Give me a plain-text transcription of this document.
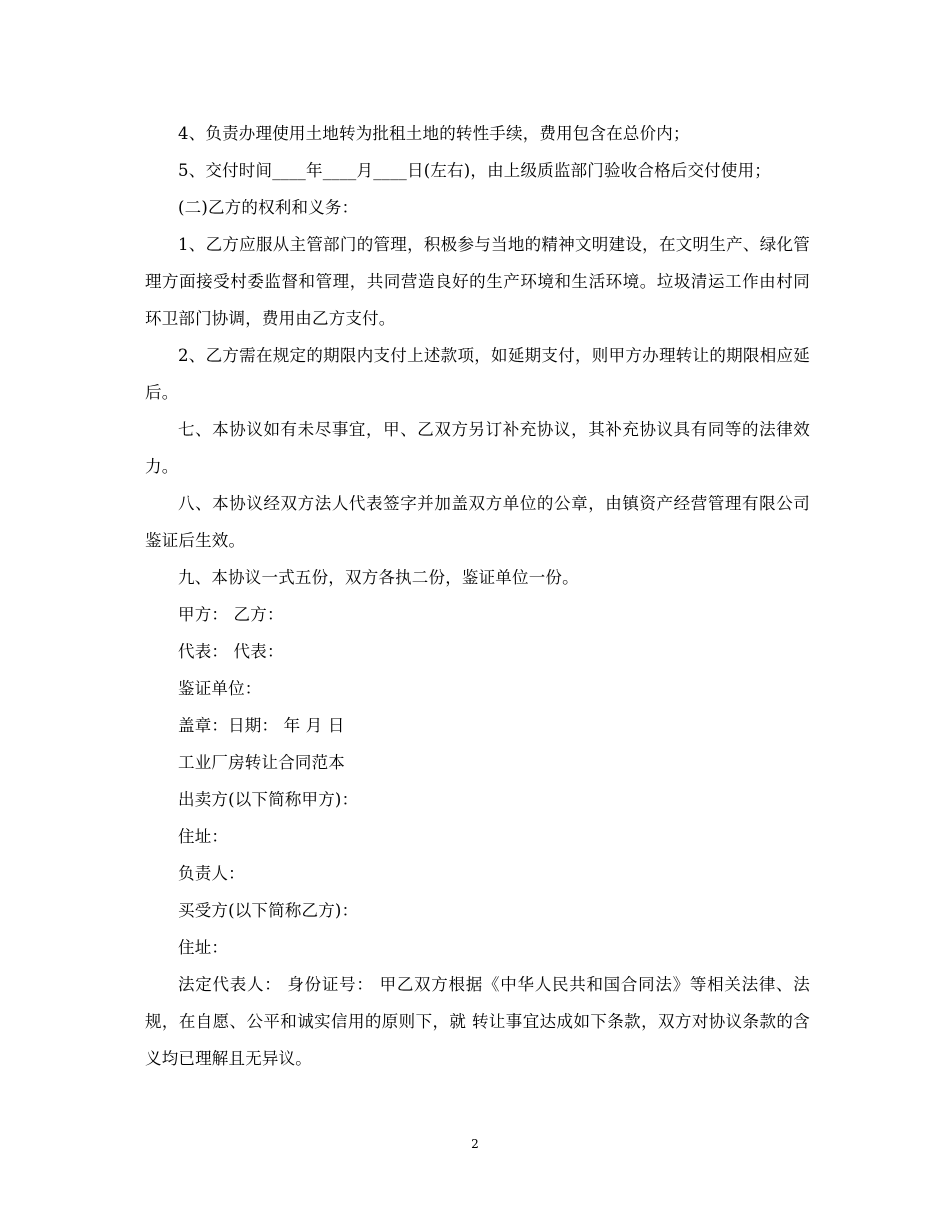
4、负责办理使用土地转为批租土地的转性手续，费用包含在总价内；

5、交付时间____年____月____日(左右)，由上级质监部门验收合格后交付使用；

(二)乙方的权利和义务：

1、乙方应服从主管部门的管理，积极参与当地的精神文明建设，在文明生产、绿化管理方面接受村委监督和管理，共同营造良好的生产环境和生活环境。垃圾清运工作由村同环卫部门协调，费用由乙方支付。

2、乙方需在规定的期限内支付上述款项，如延期支付，则甲方办理转让的期限相应延后。

七、本协议如有未尽事宜，甲、乙双方另订补充协议，其补充协议具有同等的法律效力。

八、本协议经双方法人代表签字并加盖双方单位的公章，由镇资产经营管理有限公司鉴证后生效。

九、本协议一式五份，双方各执二份，鉴证单位一份。

甲方： 乙方：

代表： 代表：

鉴证单位：

盖章：日期： 年 月 日

工业厂房转让合同范本

出卖方(以下简称甲方)：

住址：

负责人：

买受方(以下简称乙方)：

住址：

法定代表人： 身份证号： 甲乙双方根据《中华人民共和国合同法》等相关法律、法规，在自愿、公平和诚实信用的原则下，就 转让事宜达成如下条款，双方对协议条款的含义均已理解且无异议。

2
